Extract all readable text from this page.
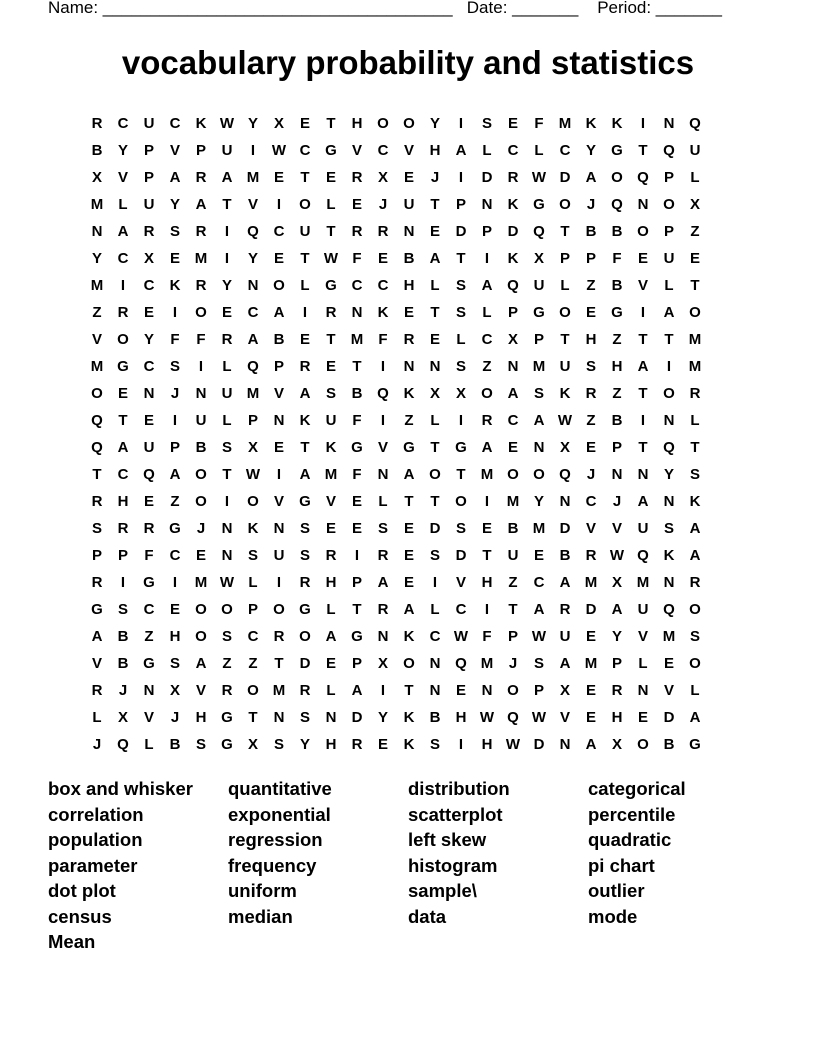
Name: _____________________________________   Date: _______    Period: _______
vocabulary probability and statistics
R	C	U	C	K W Y	X	E	T	H O O	Y	I	S	E	F	M K	K	I	N Q
B	Y	P	V	P	U	I	W C G	V	C	V	H	A	L	C	L	C	Y	G	T	Q U
X	V	P	A	R	A M E	T	E	R	X	E	J	I	D	R W D	A O Q	P	L
M	L	U	Y	A	T	V	I	O	L	E	J	U	T	P	N	K G O	J	Q N O	X
N	A	R	S	R	I	Q C	U	T	R	R	N	E	D	P	D Q	T	B	B O	P	Z
Y	C	X	E M	I	Y	E	T W F	E	B	A	T	I	K	X	P	P	F	E	U	E
M	I	C	K	R	Y	N O	L	G C	C	H	L	S	A Q U	L	Z	B	V	L	T
Z	R	E	I	O	E	C	A	I	R	N	K	E	T	S	L	P	G O	E	G	I	A O
V	O	Y	F	F	R	A	B	E	T	M	F	R	E	L	C	X	P	T	H	Z	T	T	M
M G C	S	I	L	Q	P	R	E	T	I	N	N	S	Z	N M U	S	H	A	I	M
O	E	N	J	N	U M V	A	S	B Q K	X	X	O A	S	K	R	Z	T	O R
Q	T	E	I	U	L	P	N	K	U	F	I	Z	L	I	R	C	A W Z	B	I	N	L
Q A	U	P	B	S	X	E	T	K G	V	G	T	G A	E	N	X	E	P	T	Q	T
T	C Q A O	T W	I	A M	F	N	A O	T	M O O Q	J	N	N	Y	S
R	H	E	Z	O	I	O	V	G	V	E	L	T	T	O	I	M Y	N	C	J	A	N	K
S	R	R G	J	N	K	N	S	E	E	S	E	D	S	E	B M D	V	V	U	S	A
P	P	F	C	E	N	S	U	S	R	I	R	E	S	D	T	U	E	B	R W Q K	A
R	I	G	I	M W L	I	R	H	P	A	E	I	V	H	Z	C	A M X M N	R
G	S	C	E	O O	P	O G	L	T	R	A	L	C	I	T	A	R	D	A	U Q O
A	B	Z	H O	S	C	R O A G N	K	C W F	P W U	E	Y	V M S
V	B G	S	A	Z	Z	T	D	E	P	X	O N Q M	J	S	A M P	L	E	O
R	J	N	X	V	R O M R	L	A	I	T	N	E	N O	P	X	E	R	N	V	L
L	X	V	J	H G	T	N	S	N	D	Y	K	B	H W Q W V	E	H	E	D	A
J	Q	L	B	S	G	X	S	Y	H	R	E	K	S	I	H W D	N	A	X	O B G
box and whisker	quantitative	distribution	categorical
correlation	exponential	scatterplot	percentile
population	regression	left skew	quadratic
parameter	frequency	histogram	pi chart
dot plot	uniform	sample\	outlier
census	median	data	mode
Mean
